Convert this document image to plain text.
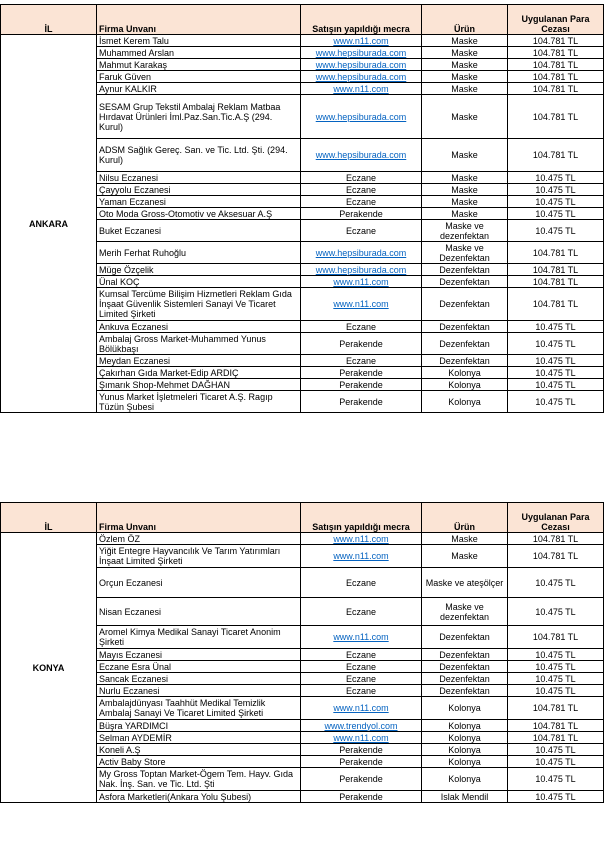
İL	Firma Unvanı	Satışın yapıldığı mecra	Ürün	Uygulanan Para Cezası
ANKARA	İsmet Kerem Talu	www.n11.com	Maske	104.781 TL
	Muhammed Arslan	www.hepsiburada.com	Maske	104.781 TL
	Mahmut Karakaş	www.hepsiburada.com	Maske	104.781 TL
	Faruk Güven	www.hepsiburada.com	Maske	104.781 TL
	Aynur KALKIR	www.n11.com	Maske	104.781 TL
	SESAM Grup Tekstil Ambalaj Reklam Matbaa Hırdavat Ürünleri İml.Paz.San.Tic.A.Ş (294. Kurul)	www.hepsiburada.com	Maske	104.781 TL
	ADSM Sağlık Gereç. San. ve Tic. Ltd. Şti. (294. Kurul)	www.hepsiburada.com	Maske	104.781 TL
	Nilsu Eczanesi	Eczane	Maske	10.475 TL
	Çayyolu Eczanesi	Eczane	Maske	10.475 TL
	Yaman Eczanesi	Eczane	Maske	10.475 TL
	Oto Moda Gross-Otomotiv ve Aksesuar A.Ş	Perakende	Maske	10.475 TL
	Buket Eczanesi	Eczane	Maske ve dezenfektan	10.475 TL
	Merih Ferhat Ruhoğlu	www.hepsiburada.com	Maske ve Dezenfektan	104.781 TL
	Müge Özçelik	www.hepsiburada.com	Dezenfektan	104.781 TL
	Ünal KOÇ	www.n11.com	Dezenfektan	104.781 TL
	Kumsal Tercüme Bilişim Hizmetleri Reklam Gıda İnşaat Güvenlik Sistemleri Sanayi Ve Ticaret Limited Şirketi	www.n11.com	Dezenfektan	104.781 TL
	Ankuva Eczanesi	Eczane	Dezenfektan	10.475 TL
	Ambalaj Gross Market-Muhammed Yunus Bölükbaşı	Perakende	Dezenfektan	10.475 TL
	Meydan Eczanesi	Eczane	Dezenfektan	10.475 TL
	Çakırhan Gıda Market-Edip ARDIÇ	Perakende	Kolonya	10.475 TL
	Şımarık Shop-Mehmet DAĞHAN	Perakende	Kolonya	10.475 TL
	Yunus Market İşletmeleri Ticaret A.Ş. Ragıp Tüzün Şubesi	Perakende	Kolonya	10.475 TL
İL	Firma Unvanı	Satışın yapıldığı mecra	Ürün	Uygulanan Para Cezası
KONYA	Özlem ÖZ	www.n11.com	Maske	104.781 TL
	Yiğit Entegre Hayvancılık Ve Tarım Yatırımları İnşaat Limited Şirketi	www.n11.com	Maske	104.781 TL
	Orçun Eczanesi	Eczane	Maske ve ateşölçer	10.475 TL
	Nisan Eczanesi	Eczane	Maske ve dezenfektan	10.475 TL
	Aromel Kimya Medikal Sanayi Ticaret Anonim Şirketi	www.n11.com	Dezenfektan	104.781 TL
	Mayıs Eczanesi	Eczane	Dezenfektan	10.475 TL
	Eczane Esra Ünal	Eczane	Dezenfektan	10.475 TL
	Sancak Eczanesi	Eczane	Dezenfektan	10.475 TL
	Nurlu Eczanesi	Eczane	Dezenfektan	10.475 TL
	Ambalajdünyası Taahhüt Medikal Temizlik Ambalaj Sanayi Ve Ticaret Limited Şirketi	www.n11.com	Kolonya	104.781 TL
	Büşra YARDIMCI	www.trendyol.com	Kolonya	104.781 TL
	Selman AYDEMİR	www.n11.com	Kolonya	104.781 TL
	Koneli A.Ş	Perakende	Kolonya	10.475 TL
	Activ Baby Store	Perakende	Kolonya	10.475 TL
	My Gross Toptan Market-Ögem Tem. Hayv. Gıda Nak. İnş. San. ve Tic. Ltd. Şti	Perakende	Kolonya	10.475 TL
	Asfora Marketleri(Ankara Yolu Şubesi)	Perakende	Islak Mendil	10.475 TL
